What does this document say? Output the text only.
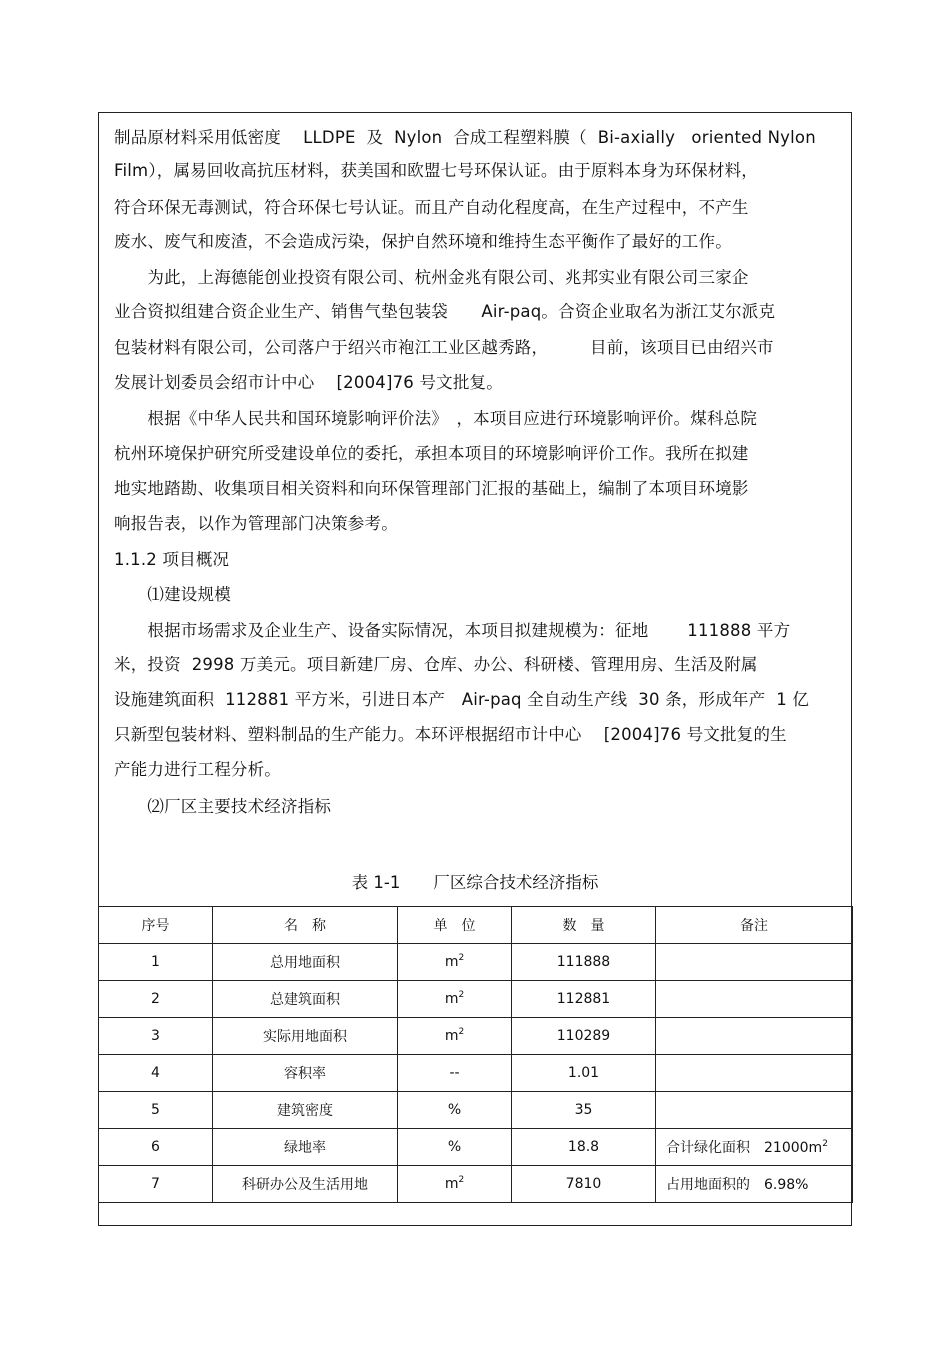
制品原材料采用低密度　 LLDPE  及  Nylon  合成工程塑料膜（  Bi-axially   oriented Nylon
Film），属易回收高抗压材料，获美国和欧盟七号环保认证。由于原料本身为环保材料，
符合环保无毒测试，符合环保七号认证。而且产自动化程度高，在生产过程中，不产生
废水、废气和废渣，不会造成污染，保护自然环境和维持生态平衡作了最好的工作。
　　为此，上海德能创业投资有限公司、杭州金兆有限公司、兆邦实业有限公司三家企
业合资拟组建合资企业生产、销售气垫包装袋　　Air-paq。合资企业取名为浙江艾尔派克
包装材料有限公司，公司落户于绍兴市袍江工业区越秀路，　　　目前，该项目已由绍兴市
发展计划委员会绍市计中心　 [2004]76 号文批复。
　　根据《中华人民共和国环境影响评价法》　，本项目应进行环境影响评价。煤科总院
杭州环境保护研究所受建设单位的委托，承担本项目的环境影响评价工作。我所在拟建
地实地踏勘、收集项目相关资料和向环保管理部门汇报的基础上，编制了本项目环境影
响报告表，以作为管理部门决策参考。
1.1.2 项目概况
　　⑴建设规模
　　根据市场需求及企业生产、设备实际情况，本项目拟建规模为：征地　　 111888 平方
米，投资  2998 万美元。项目新建厂房、仓库、办公、科研楼、管理用房、生活及附属
设施建筑面积  112881 平方米，引进日本产　Air-paq 全自动生产线  30 条，形成年产  1 亿
只新型包装材料、塑料制品的生产能力。本环评根据绍市计中心　 [2004]76 号文批复的生
产能力进行工程分析。
　　⑵厂区主要技术经济指标
表 1-1　　厂区综合技术经济指标
序号	名　称	单　位	数　量	备注
1	总用地面积	$m^2$	111888	
2	总建筑面积	$m^2$	112881	
3	实际用地面积	$m^2$	110289	
4	容积率	--	1.01	
5	建筑密度	%	35	
6	绿地率	%	18.8	合计绿化面积　$21000m^2$
7	科研办公及生活用地	$m^2$	7810	占用地面积的　6.98%
